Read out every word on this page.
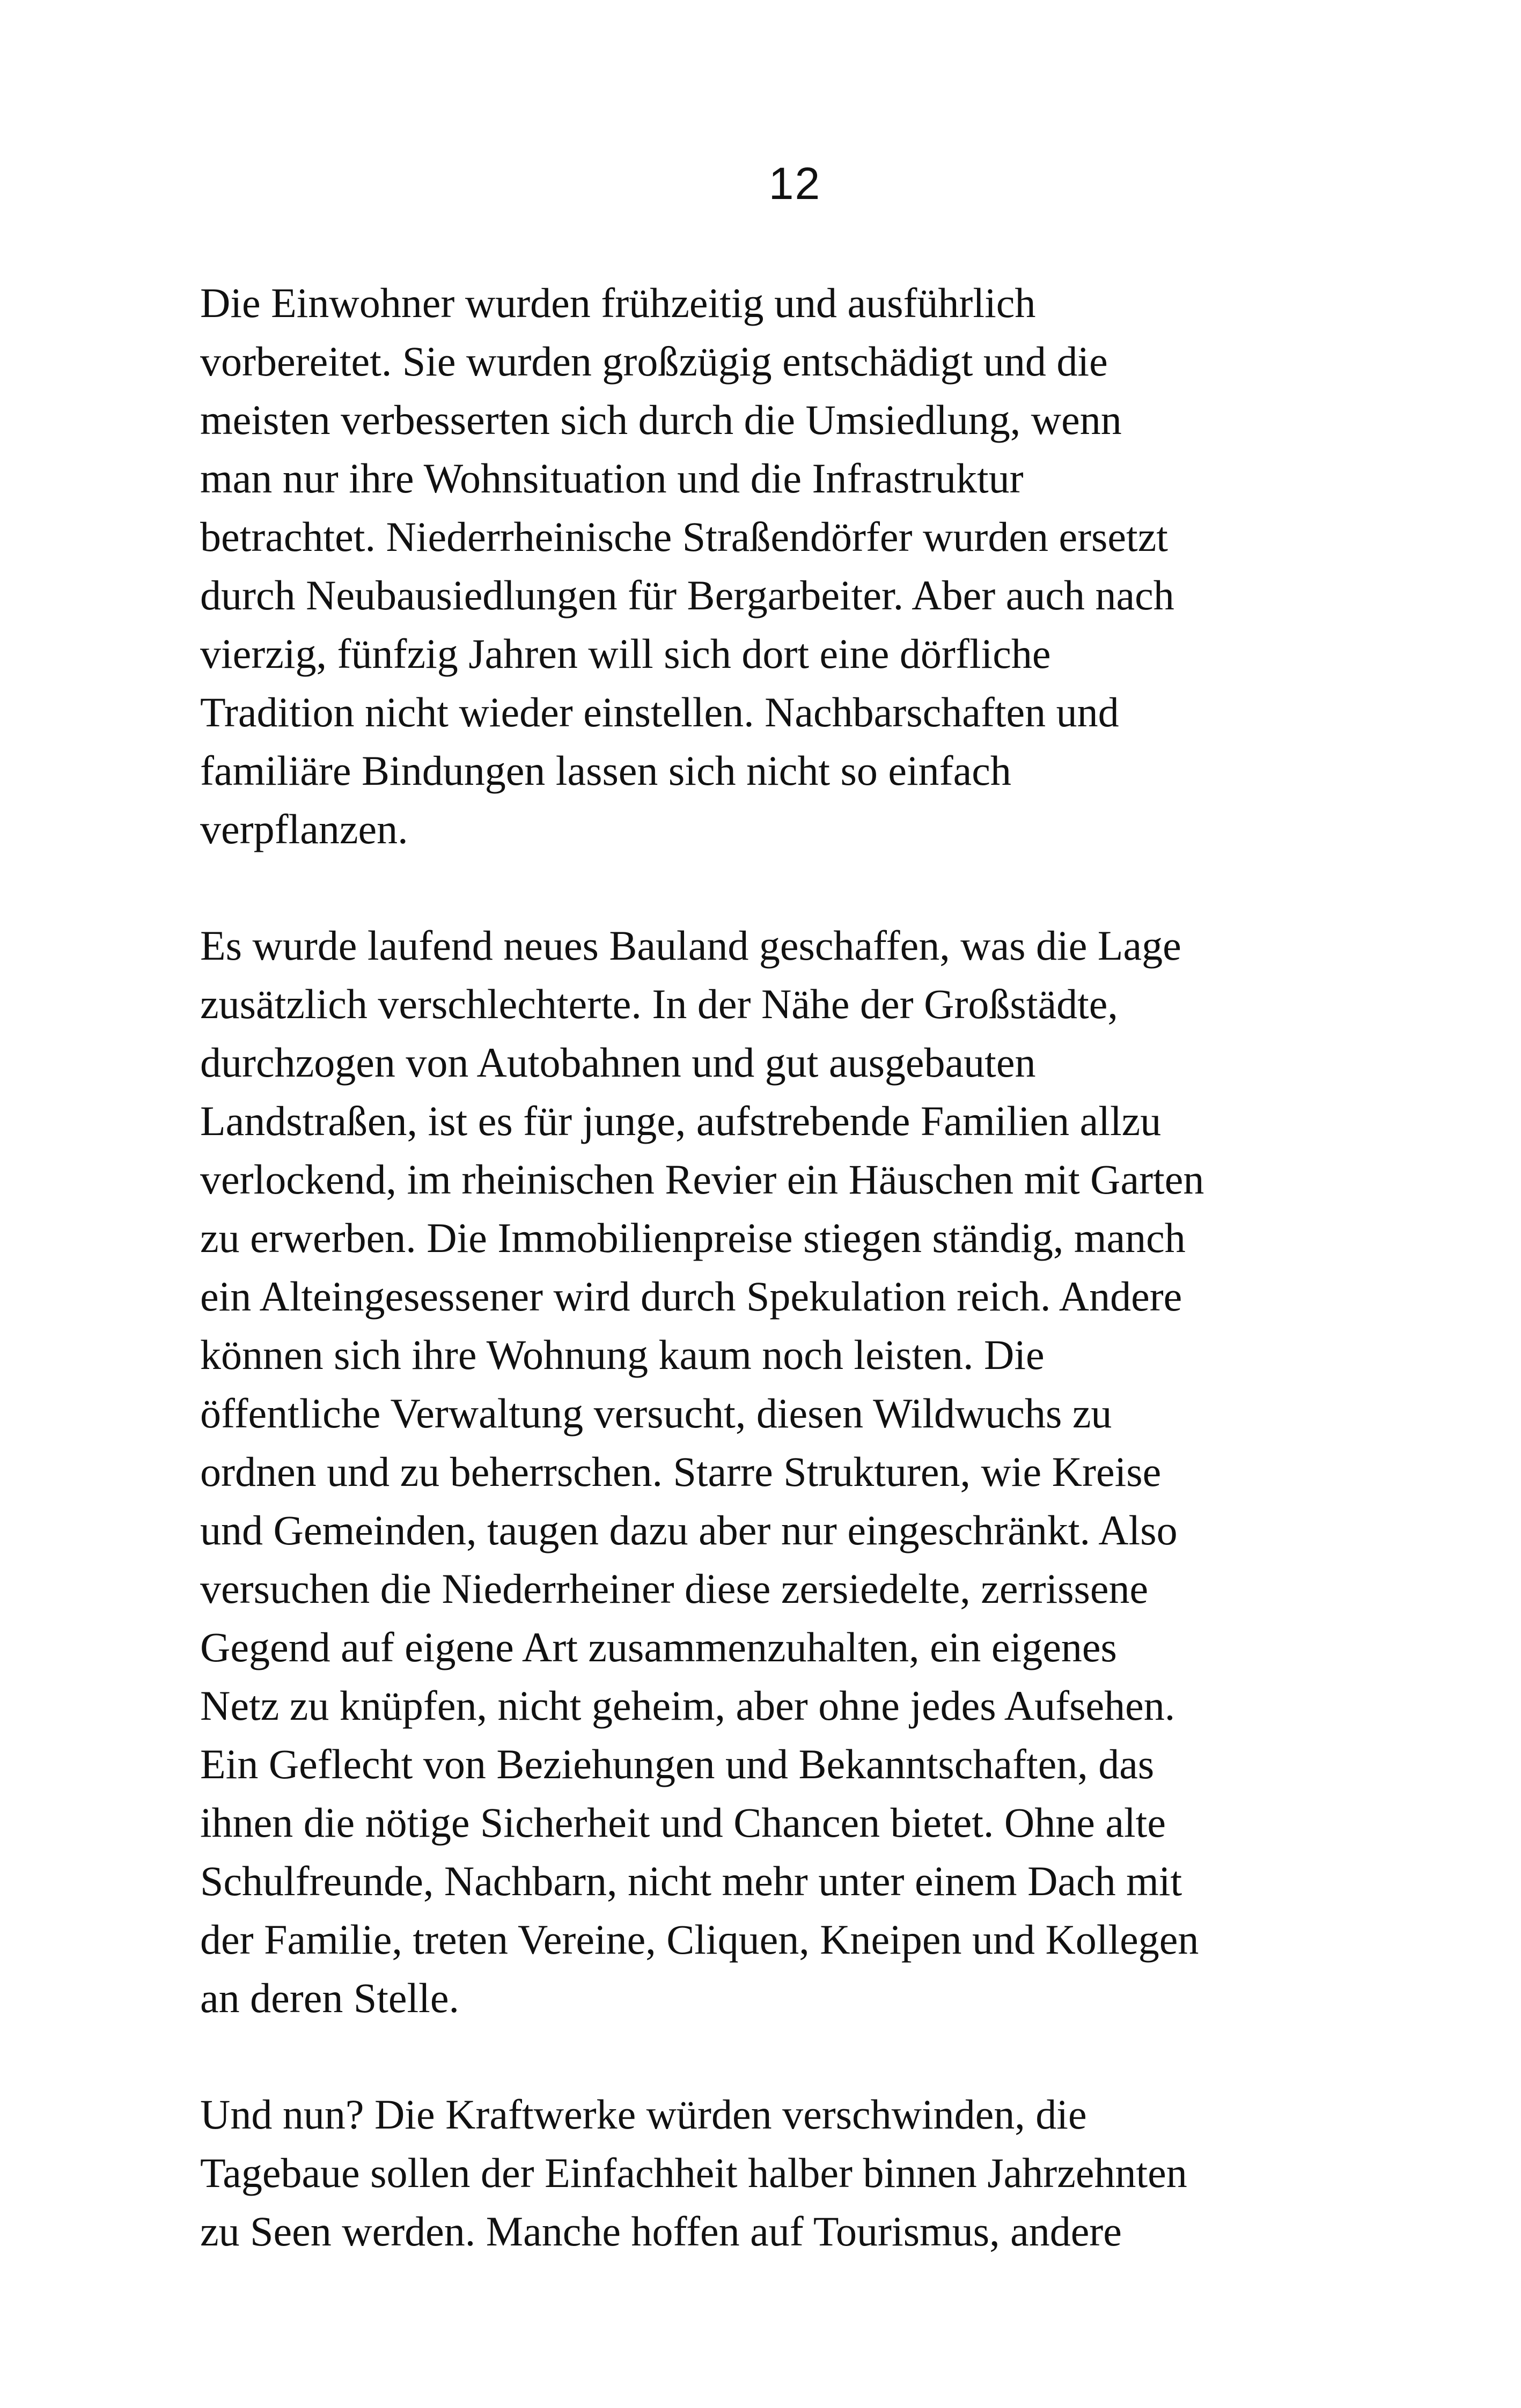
12

Die Einwohner wurden frühzeitig und ausführlich
vorbereitet. Sie wurden großzügig entschädigt und die
meisten verbesserten sich durch die Umsiedlung, wenn
man nur ihre Wohnsituation und die Infrastruktur
betrachtet. Niederrheinische Straßendörfer wurden ersetzt
durch Neubausiedlungen für Bergarbeiter. Aber auch nach
vierzig, fünfzig Jahren will sich dort eine dörfliche
Tradition nicht wieder einstellen. Nachbarschaften und
familiäre Bindungen lassen sich nicht so einfach
verpflanzen.

Es wurde laufend neues Bauland geschaffen, was die Lage
zusätzlich verschlechterte. In der Nähe der Großstädte,
durchzogen von Autobahnen und gut ausgebauten
Landstraßen, ist es für junge, aufstrebende Familien allzu
verlockend, im rheinischen Revier ein Häuschen mit Garten
zu erwerben. Die Immobilienpreise stiegen ständig, manch
ein Alteingesessener wird durch Spekulation reich. Andere
können sich ihre Wohnung kaum noch leisten. Die
öffentliche Verwaltung versucht, diesen Wildwuchs zu
ordnen und zu beherrschen. Starre Strukturen, wie Kreise
und Gemeinden, taugen dazu aber nur eingeschränkt. Also
versuchen die Niederrheiner diese zersiedelte, zerrissene
Gegend auf eigene Art zusammenzuhalten, ein eigenes
Netz zu knüpfen, nicht geheim, aber ohne jedes Aufsehen.
Ein Geflecht von Beziehungen und Bekanntschaften, das
ihnen die nötige Sicherheit und Chancen bietet. Ohne alte
Schulfreunde, Nachbarn, nicht mehr unter einem Dach mit
der Familie, treten Vereine, Cliquen, Kneipen und Kollegen
an deren Stelle.

Und nun? Die Kraftwerke würden verschwinden, die
Tagebaue sollen der Einfachheit halber binnen Jahrzehnten
zu Seen werden. Manche hoffen auf Tourismus, andere
